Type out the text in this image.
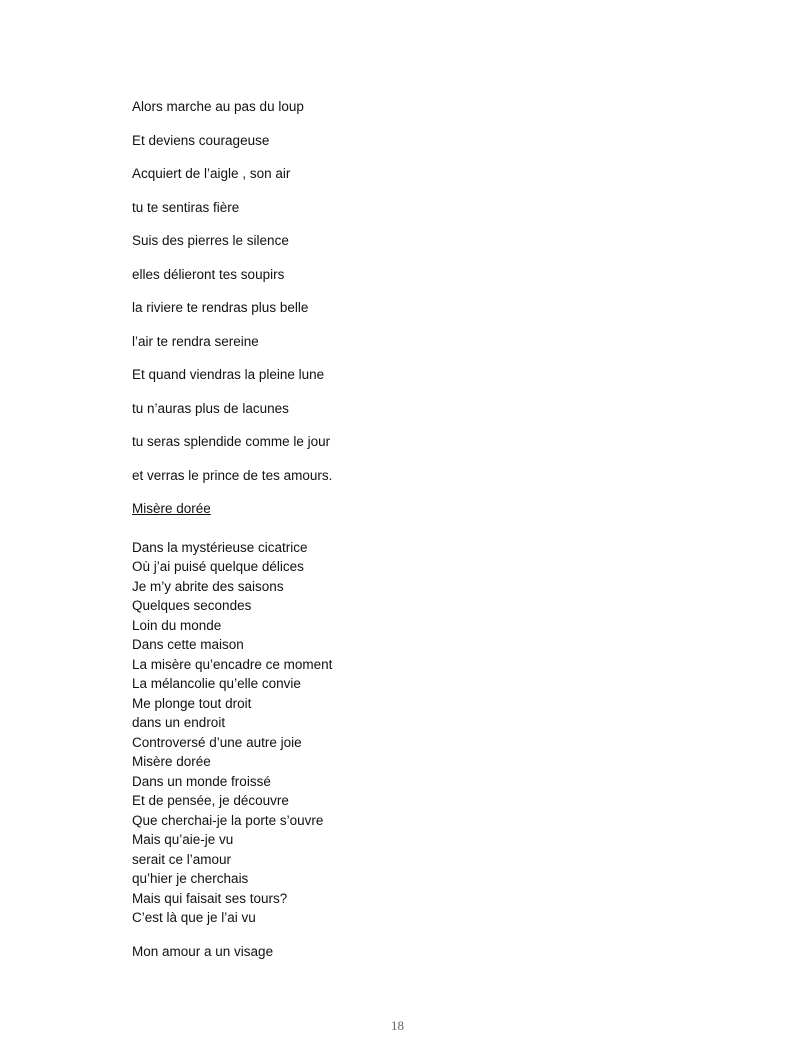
Alors marche au pas du loup
Et deviens courageuse
Acquiert de l’aigle , son air
tu te sentiras fière
Suis des pierres le silence
elles délieront tes soupirs
la riviere te rendras plus belle
l’air te rendra sereine
Et quand viendras la pleine lune
tu n’auras plus de lacunes
tu seras splendide comme le jour
et verras le prince de tes amours.
Misère dorée
Dans la mystérieuse cicatrice
Où j’ai puisé quelque délices
Je m’y abrite des saisons
Quelques secondes
Loin du monde
Dans cette maison
La misère qu’encadre ce moment
La mélancolie qu’elle convie
Me plonge tout droit
dans un endroit
Controversé d’une autre joie
Misère dorée
Dans un monde froissé
Et de pensée, je découvre
Que cherchai-je la porte s’ouvre
Mais qu’aie-je vu
serait ce l’amour
qu’hier je cherchais
Mais qui faisait ses tours?
C’est là que je l’ai vu
Mon amour a un visage
18
